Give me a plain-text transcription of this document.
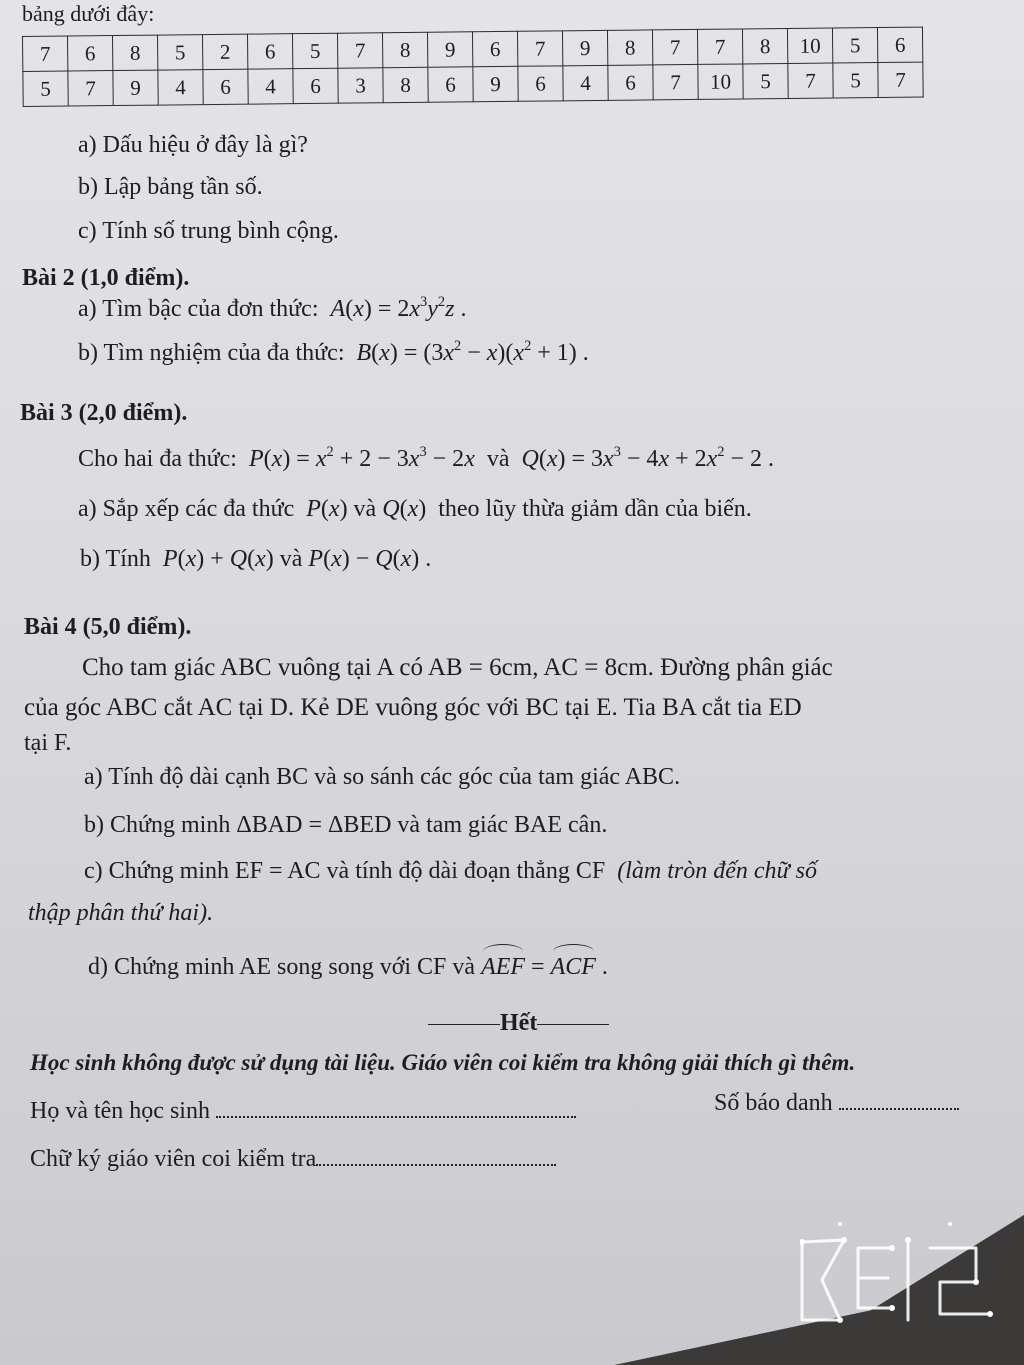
bảng dưới đây:
7	6	8	5	2	6	5	7	8	9	6	7	9	8	7	7	8	10	5	6
5	7	9	4	6	4	6	3	8	6	9	6	4	6	7	10	5	7	5	7
a) Dấu hiệu ở đây là gì?
b) Lập bảng tần số.
c) Tính số trung bình cộng.
Bài 2 (1,0 điểm).
a) Tìm bậc của đơn thức:  $A(x) = 2x^3y^2z$ .
b) Tìm nghiệm của đa thức:  $B(x) = (3x^2 - x)(x^2 + 1)$ .
Bài 3 (2,0 điểm).
Cho hai đa thức:  $P(x) = x^2 + 2 - 3x^3 - 2x$ và $Q(x) = 3x^3 - 4x + 2x^2 - 2$ .
a) Sắp xếp các đa thức  P(x) và Q(x)  theo lũy thừa giảm dần của biến.
b) Tính  P(x) + Q(x) và P(x) − Q(x) .
Bài 4 (5,0 điểm).
Cho tam giác ABC vuông tại A có AB = 6cm, AC = 8cm. Đường phân giác
của góc ABC cắt AC tại D. Kẻ DE vuông góc với BC tại E. Tia BA cắt tia ED
tại F.
a) Tính độ dài cạnh BC và so sánh các góc của tam giác ABC.
b) Chứng minh ΔBAD = ΔBED và tam giác BAE cân.
c) Chứng minh EF = AC và tính độ dài đoạn thẳng CF (làm tròn đến chữ số
thập phân thứ hai).
d) Chứng minh AE song song với CF và AEF = ACF .
Hết
Học sinh không được sử dụng tài liệu. Giáo viên coi kiểm tra không giải thích gì thêm.
Họ và tên học sinh	Số báo danh
Chữ ký giáo viên coi kiểm tra
